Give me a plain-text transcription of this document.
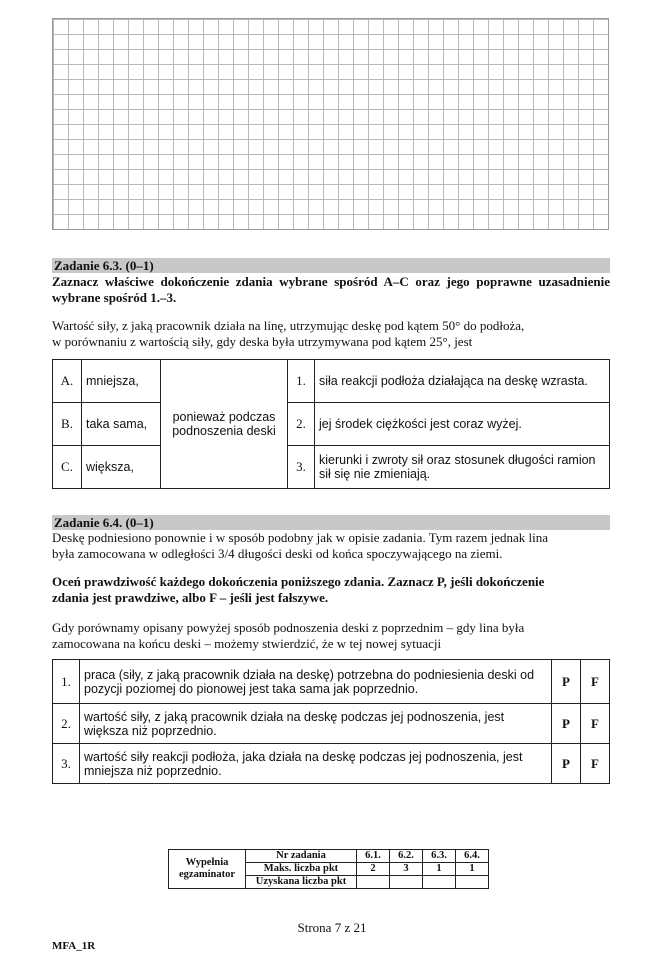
Zadanie 6.3. (0–1)
Zaznacz właściwe dokończenie zdania wybrane spośród A–C oraz jego poprawne uzasadnienie wybrane spośród 1.–3.
Wartość siły, z jaką pracownik działa na linę, utrzymując deskę pod kątem 50° do podłoża,
w porównaniu z wartością siły, gdy deska była utrzymywana pod kątem 25°, jest
A.	mniejsza,	ponieważ podczas podnoszenia deski	1.	siła reakcji podłoża działająca na deskę wzrasta.
B.	taka sama,		2.	jej środek ciężkości jest coraz wyżej.
C.	większa,		3.	kierunki i zwroty sił oraz stosunek długości ramion sił się nie zmieniają.
Zadanie 6.4. (0–1)
Deskę podniesiono ponownie i w sposób podobny jak w opisie zadania. Tym razem jednak lina
była zamocowana w odległości 3/4 długości deski od końca spoczywającego na ziemi.
Oceń prawdziwość każdego dokończenia poniższego zdania. Zaznacz P, jeśli dokończenie
zdania jest prawdziwe, albo F – jeśli jest fałszywe.
Gdy porównamy opisany powyżej sposób podnoszenia deski z poprzednim – gdy lina była
zamocowana na końcu deski – możemy stwierdzić, że w tej nowej sytuacji
1.	praca (siły, z jaką pracownik działa na deskę) potrzebna do podniesienia deski od pozycji poziomej do pionowej jest taka sama jak poprzednio.	P	F
2.	wartość siły, z jaką pracownik działa na deskę podczas jej podnoszenia, jest większa niż poprzednio.	P	F
3.	wartość siły reakcji podłoża, jaka działa na deskę podczas jej podnoszenia, jest mniejsza niż poprzednio.	P	F
Wypełnia egzaminator	Nr zadania	6.1.	6.2.	6.3.	6.4.
	Maks. liczba pkt	2	3	1	1
	Uzyskana liczba pkt				
Strona 7 z 21
MFA_1R
